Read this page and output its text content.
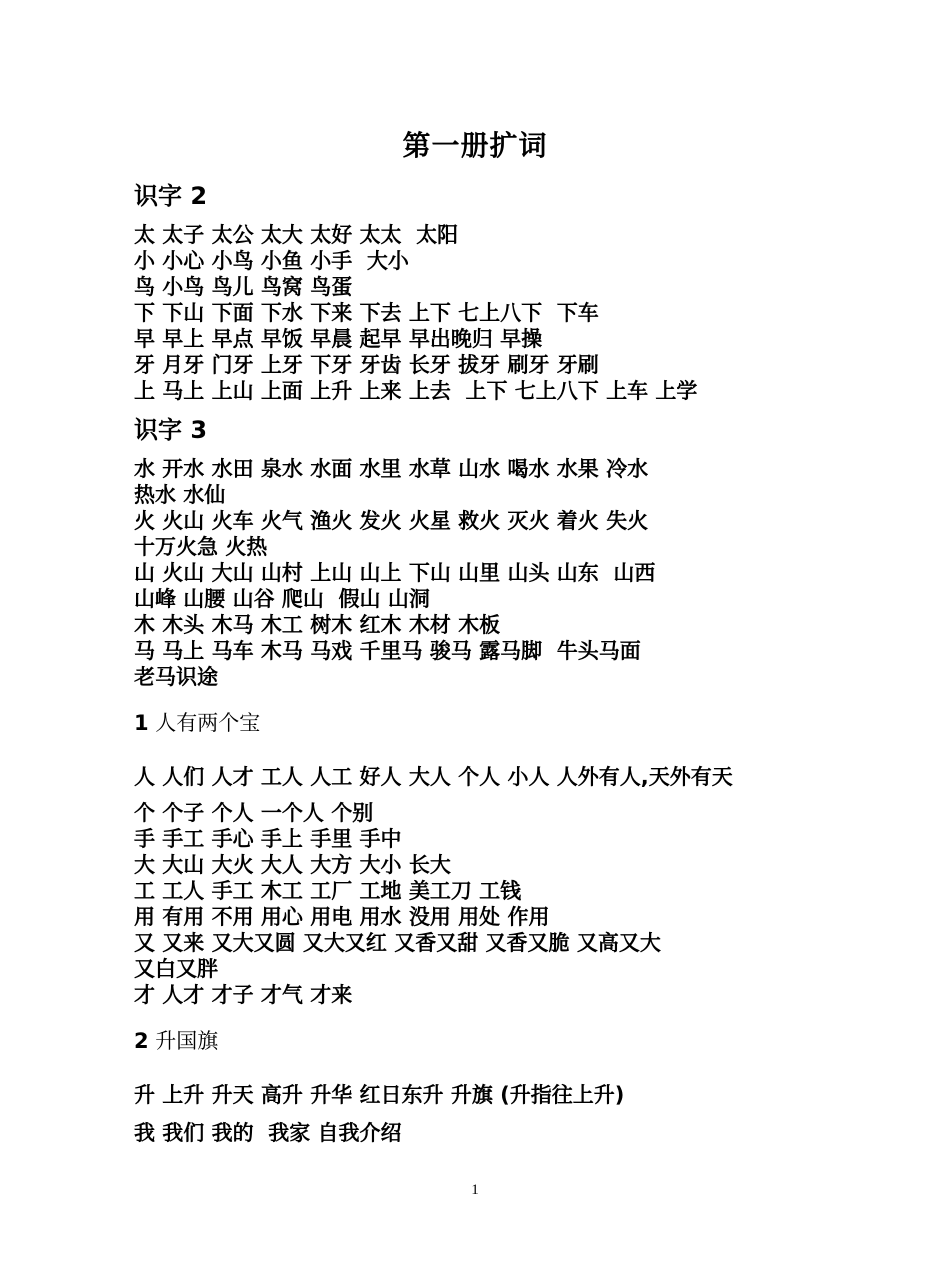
第一册扩词
识字 2
太 太子 太公 太大 太好 太太  太阳
小 小心 小鸟 小鱼 小手  大小
鸟 小鸟 鸟儿 鸟窝 鸟蛋
下 下山 下面 下水 下来 下去 上下 七上八下  下车
早 早上 早点 早饭 早晨 起早 早出晚归 早操
牙 月牙 门牙 上牙 下牙 牙齿 长牙 拔牙 刷牙 牙刷
上 马上 上山 上面 上升 上来 上去  上下 七上八下 上车 上学
识字 3
水 开水 水田 泉水 水面 水里 水草 山水 喝水 水果 冷水
热水 水仙
火 火山 火车 火气 渔火 发火 火星 救火 灭火 着火 失火
十万火急 火热
山 火山 大山 山村 上山 山上 下山 山里 山头 山东  山西
山峰 山腰 山谷 爬山  假山 山洞
木 木头 木马 木工 树木 红木 木材 木板
马 马上 马车 木马 马戏 千里马 骏马 露马脚  牛头马面
老马识途
1 人有两个宝
人 人们 人才 工人 人工 好人 大人 个人 小人 人外有人,天外有天
个 个子 个人 一个人 个别
手 手工 手心 手上 手里 手中
大 大山 大火 大人 大方 大小 长大
工 工人 手工 木工 工厂 工地 美工刀 工钱
用 有用 不用 用心 用电 用水 没用 用处 作用
又 又来 又大又圆 又大又红 又香又甜 又香又脆 又高又大
又白又胖
才 人才 才子 才气 才来
2 升国旗
升 上升 升天 高升 升华 红日东升 升旗 (升指往上升)
我 我们 我的  我家 自我介绍
1
